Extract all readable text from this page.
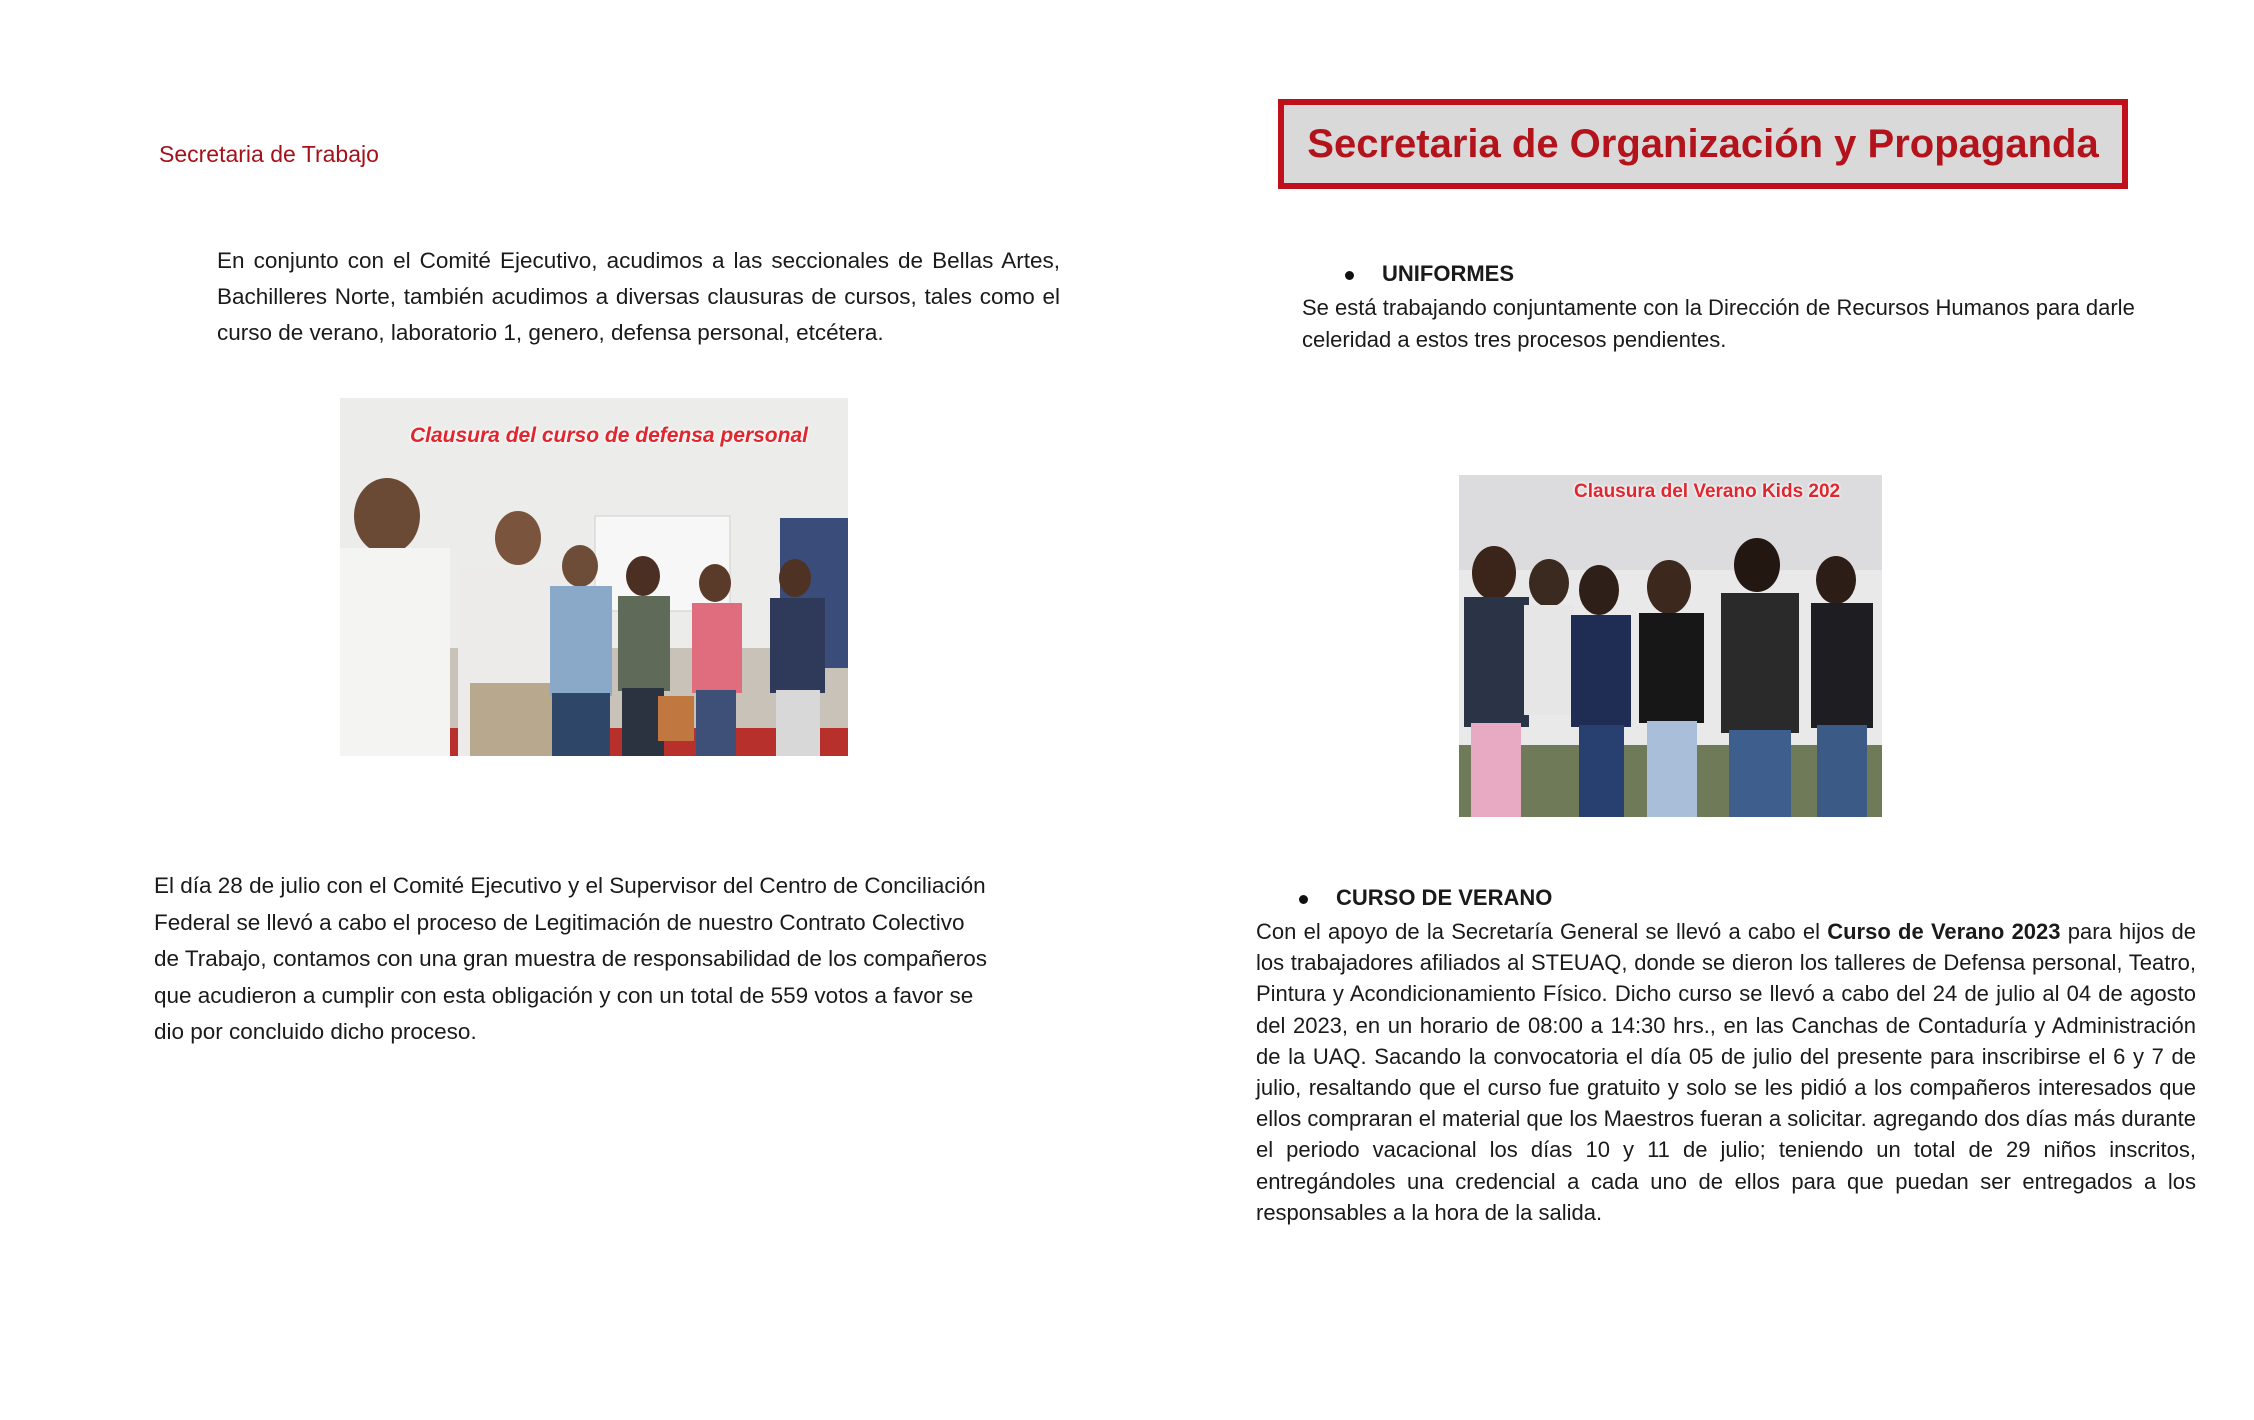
Secretaria de Trabajo
En conjunto con el Comité Ejecutivo, acudimos a las seccionales de Bellas Artes, Bachilleres Norte, también acudimos a diversas clausuras de cursos, tales como el curso de verano, laboratorio 1, genero, defensa personal, etcétera.
Clausura del curso de defensa personal
El día 28 de julio con el Comité Ejecutivo y el Supervisor del Centro de Conciliación Federal se llevó a cabo el proceso de Legitimación de nuestro Contrato Colectivo de Trabajo, contamos con una gran muestra de responsabilidad de los compañeros que acudieron a cumplir con esta obligación y con un total de 559 votos a favor se dio por concluido dicho proceso.
Secretaria de Organización y Propaganda
UNIFORMES
Se está trabajando conjuntamente con la Dirección de Recursos Humanos para darle celeridad a estos tres procesos pendientes.
Clausura del Verano Kids 202
CURSO DE VERANO
Con el apoyo de la Secretaría General se llevó a cabo el Curso de Verano 2023 para hijos de los trabajadores afiliados al STEUAQ, donde se dieron los talleres de Defensa personal, Teatro, Pintura y Acondicionamiento Físico. Dicho curso se llevó a cabo del 24 de julio al 04 de agosto del 2023, en un horario de 08:00 a 14:30 hrs., en las Canchas de Contaduría y Administración de la UAQ. Sacando la convocatoria el día 05 de julio del presente para inscribirse el 6 y 7 de julio, resaltando que el curso fue gratuito y solo se les pidió a los compañeros interesados que ellos compraran el material que los Maestros fueran a solicitar. agregando dos días más durante el periodo vacacional los días 10 y 11 de julio; teniendo un total de 29 niños inscritos, entregándoles una credencial a cada uno de ellos para que puedan ser entregados a los responsables a la hora de la salida.
